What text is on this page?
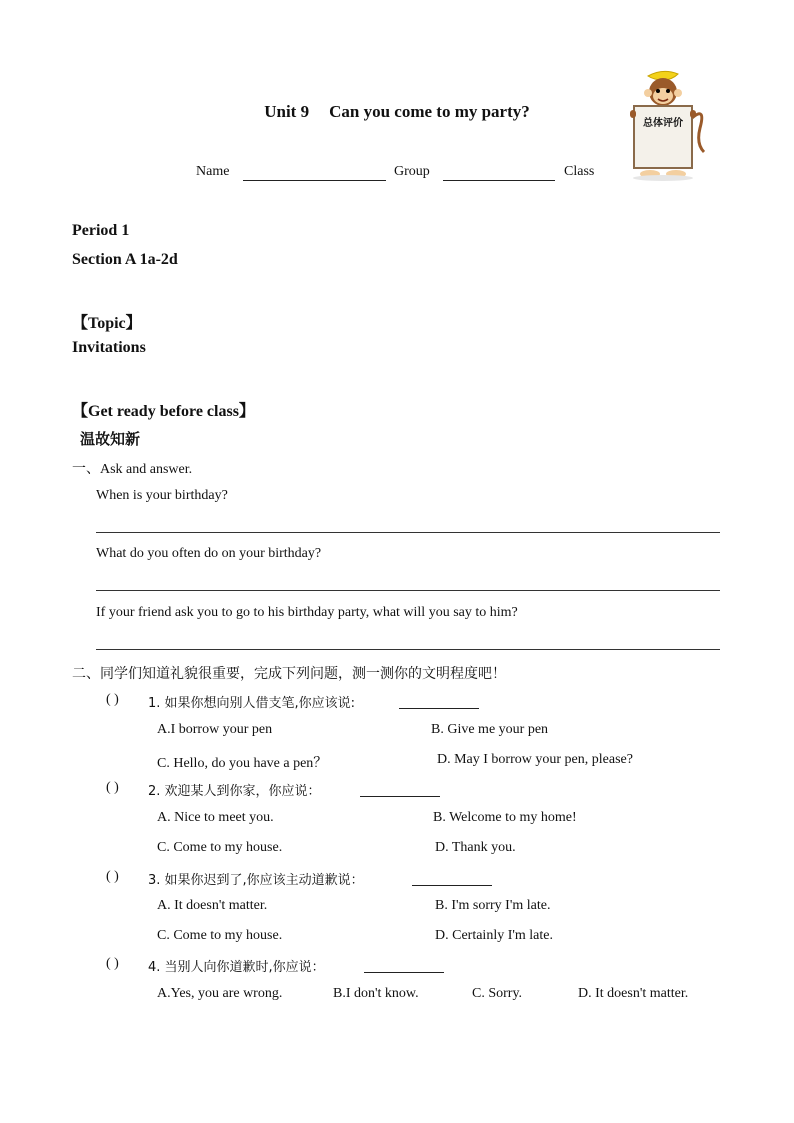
Unit 9 Can you come to my party?
总体评价
Name	Group	Class
Period 1
Section A 1a-2d
【Topic】
Invitations
【Get ready before class】
温故知新
一、Ask and answer.
When is your birthday?
What do you often do on your birthday?
If your friend ask you to go to his birthday party, what will you say to him?
二、同学们知道礼貌很重要，完成下列问题，测一测你的文明程度吧！
( ) 1. 如果你想向别人借支笔,你应该说:
A.I borrow your pen	B. Give me your pen
C. Hello, do you have a pen？	D. May I borrow your pen, please?
( ) 2. 欢迎某人到你家，你应说：
A. Nice to meet you.	B. Welcome to my home!
C. Come to my house.	D. Thank you.
( ) 3. 如果你迟到了,你应该主动道歉说：
A. It doesn't matter.	B. I'm sorry I'm late.
C. Come to my house.	D. Certainly I'm late.
( ) 4. 当别人向你道歉时,你应说：
A.Yes, you are wrong.	B.I don't know.	C. Sorry.	D. It doesn't matter.
